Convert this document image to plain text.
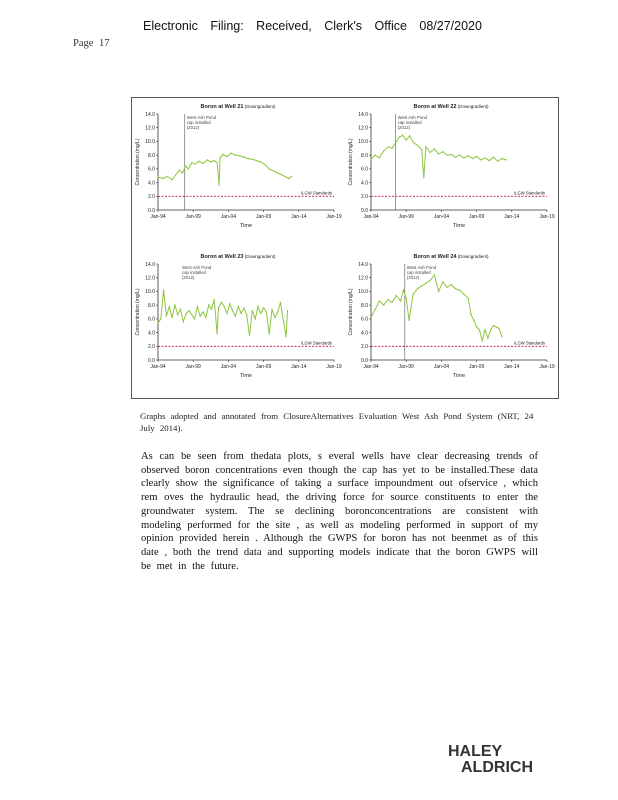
Electronic Filing: Received, Clerk's Office 08/27/2020
Page 17
Boron at Well 21 (Downgradient)
0.0
2.0
4.0
6.0
8.0
10.0
12.0
14.0
Jan-94	Jan-99	Jan-04	Jan-09	Jan-14	Jan-19
Time
Concentration (mg/L)
ILGW Standards
West Ash Pond
cap installed
(2012)
Boron at Well 22 (Downgradient)
0.0
2.0
4.0
6.0
8.0
10.0
12.0
14.0
Jan-94	Jan-99	Jan-04	Jan-09	Jan-14	Jan-19
Time
Concentration (mg/L)
ILGW Standards
West Ash Pond
cap installed
(2012)
Boron at Well 23 (Downgradient)
0.0
2.0
4.0
6.0
8.0
10.0
12.0
14.0
Jan-94	Jan-99	Jan-04	Jan-09	Jan-14	Jan-19
Time
Concentration (mg/L)
ILGW Standards
West Ash Pond
cap installed
(2012)
Boron at Well 24 (Downgradient)
0.0
2.0
4.0
6.0
8.0
10.0
12.0
14.0
Jan-94	Jan-99	Jan-04	Jan-09	Jan-14	Jan-19
Time
Concentration (mg/L)
ILGW Standards
West Ash Pond
cap installed
(2012)
Graphs adopted and annotated from ClosureAlternatives Evaluation West Ash Pond System (NRT, 24 July 2014).
As can be seen from thedata plots, s everal wells have clear decreasing trends of observed boron concentrations even though the cap has yet to be installed.These data clearly show the significance of taking a surface impoundment out ofservice , which rem oves the hydraulic head, the driving force for source constituents to enter the groundwater system. The se declining boronconcentrations are consistent with modeling performed for the site , as well as modeling performed in support of my opinion provided herein . Although the GWPS for boron has not beenmet as of this date , both the trend data and supporting models indicate that the boron GWPS will be met in the future.
HALEY
ALDRICH
